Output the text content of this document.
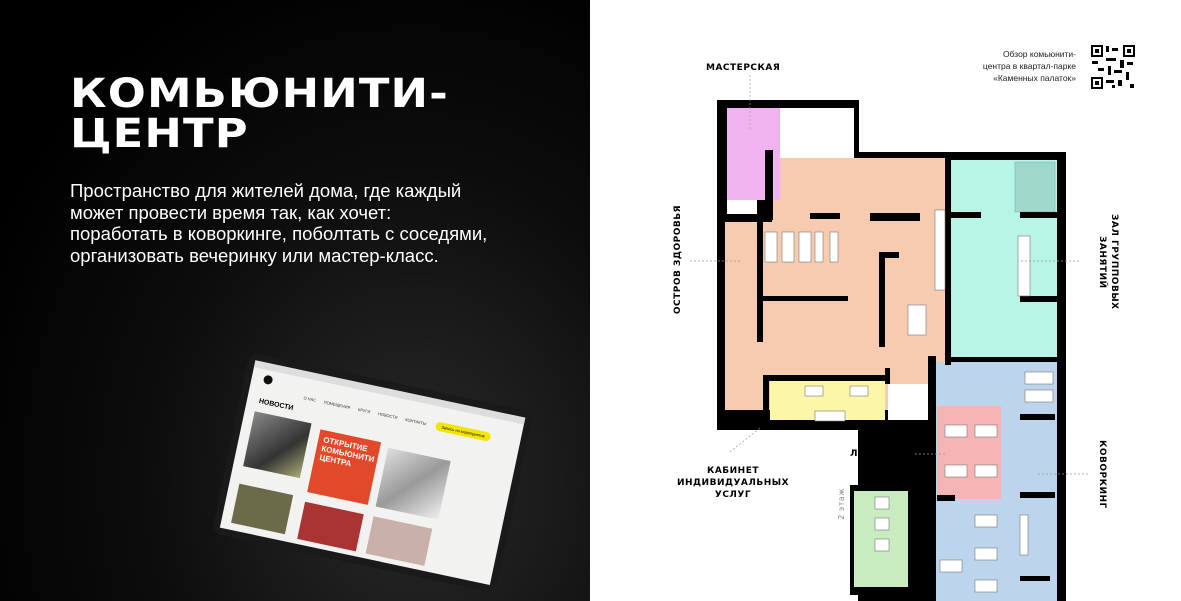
КОМЬЮНИТИ-
ЦЕНТР
Пространство для жителей дома, где каждый может провести время так, как хочет: поработать в коворкинге, поболтать с соседями, организовать вечеринку или мастер-класс.
О НАС
ПОМЕЩЕНИЯ
КРУГИ
НОВОСТИ
КОНТАКТЫ
Запись на мероприятие
НОВОСТИ
ОТКРЫТИЕ КОМЬЮНИТИ ЦЕНТРА
Обзор комьюнити-
центра в квартал-парке
«Каменных палаток»
МАСТЕРСКАЯ
ОСТРОВ ЗДОРОВЬЯ	ЗАЛ ГРУППОВЫХ ЗАНЯТИЙ
ЛЕКТОРИЙ
КАБИНЕТ ИНДИВИДУАЛЬНЫХ УСЛУГ	КОВОРКИНГ
2 этаж
